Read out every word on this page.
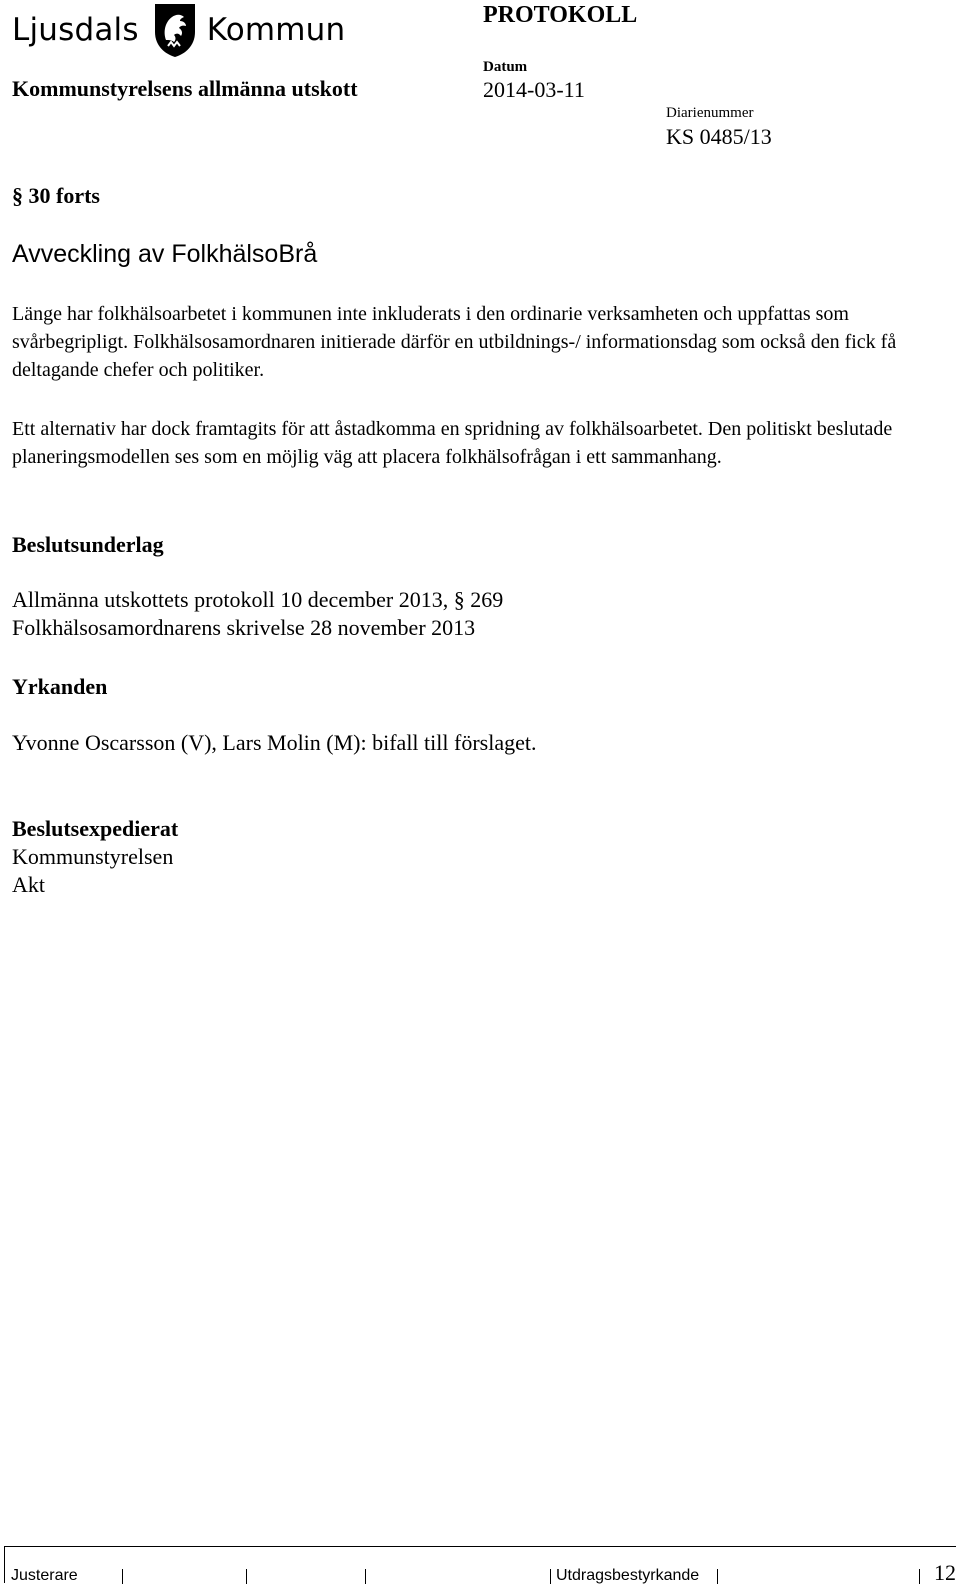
Ljusdals Kommun	PROTOKOLL
Kommunstyrelsens allmänna utskott
Datum
2014-03-11
Diarienummer
KS 0485/13
§ 30 forts
Avveckling av FolkhälsoBrå

Länge har folkhälsoarbetet i kommunen inte inkluderats i den ordinarie verksamheten och uppfattas som svårbegripligt. Folkhälsosamordnaren initierade därför en utbildnings-/ informationsdag som också den fick få deltagande chefer och politiker.

Ett alternativ har dock framtagits för att åstadkomma en spridning av folkhälsoarbetet. Den politiskt beslutade planeringsmodellen ses som en möjlig väg att placera folkhälsofrågan i ett sammanhang.

Beslutsunderlag
Allmänna utskottets protokoll 10 december 2013, § 269
Folkhälsosamordnarens skrivelse 28 november 2013
Yrkanden
Yvonne Oscarsson (V), Lars Molin (M): bifall till förslaget.
Beslutsexpedierat
Kommunstyrelsen
Akt
Justerare	Utdragsbestyrkande	12
